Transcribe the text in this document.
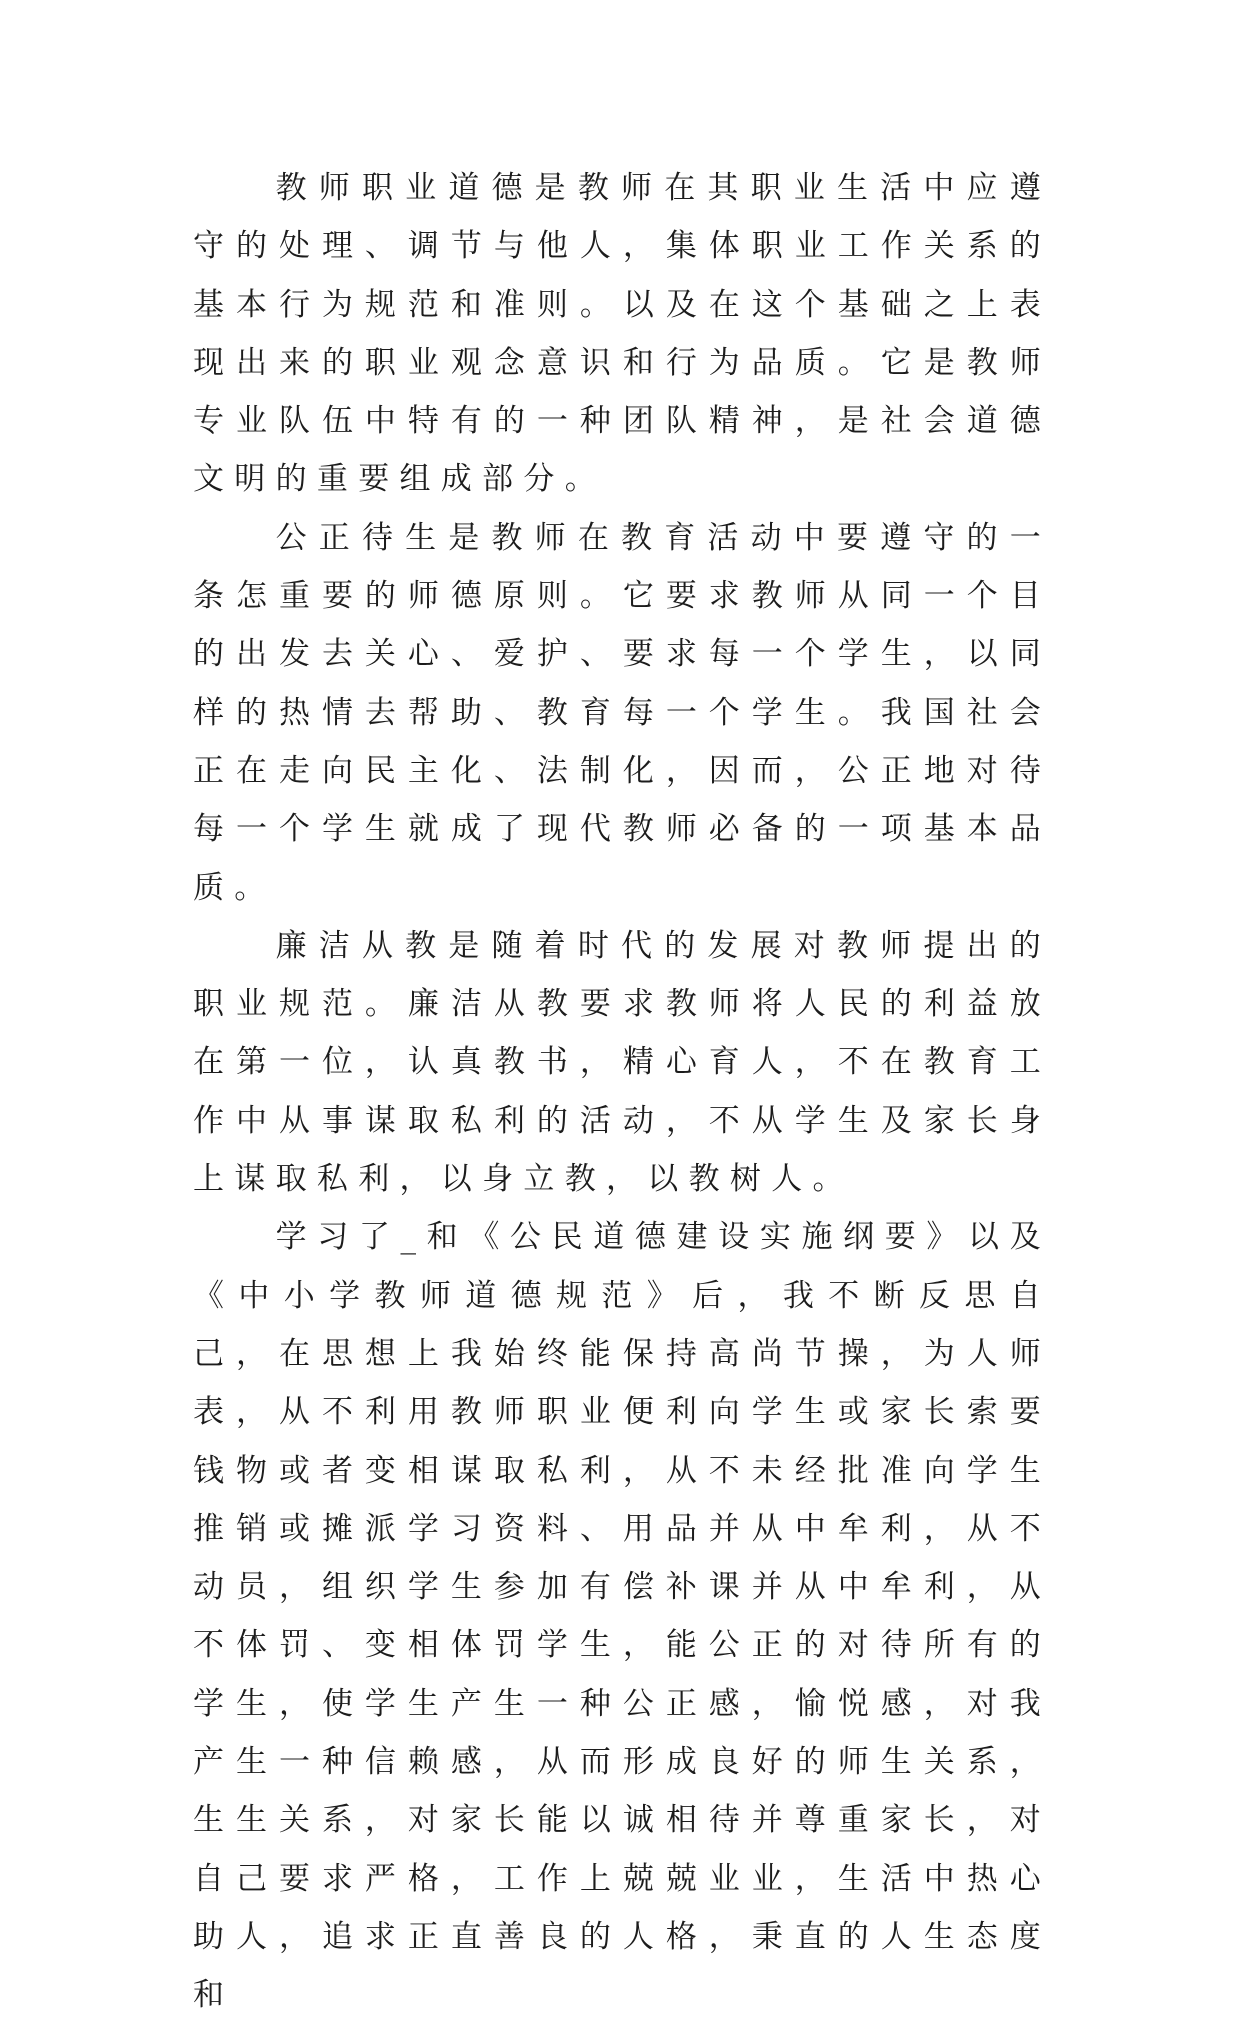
教师职业道德是教师在其职业生活中应遵守的处理、调节与他人，集体职业工作关系的基本行为规范和准则。以及在这个基础之上表现出来的职业观念意识和行为品质。它是教师专业队伍中特有的一种团队精神，是社会道德文明的重要组成部分。

公正待生是教师在教育活动中要遵守的一条怎重要的师德原则。它要求教师从同一个目的出发去关心、爱护、要求每一个学生，以同样的热情去帮助、教育每一个学生。我国社会正在走向民主化、法制化，因而，公正地对待每一个学生就成了现代教师必备的一项基本品质。

廉洁从教是随着时代的发展对教师提出的职业规范。廉洁从教要求教师将人民的利益放在第一位，认真教书，精心育人，不在教育工作中从事谋取私利的活动，不从学生及家长身上谋取私利，以身立教，以教树人。

学习了_和《公民道德建设实施纲要》以及《中小学教师道德规范》后，我不断反思自己，在思想上我始终能保持高尚节操，为人师表，从不利用教师职业便利向学生或家长索要钱物或者变相谋取私利，从不未经批准向学生推销或摊派学习资料、用品并从中牟利，从不动员，组织学生参加有偿补课并从中牟利，从不体罚、变相体罚学生，能公正的对待所有的学生，使学生产生一种公正感，愉悦感，对我产生一种信赖感，从而形成良好的师生关系，生生关系，对家长能以诚相待并尊重家长，对自己要求严格，工作上兢兢业业，生活中热心助人，追求正直善良的人格，秉直的人生态度和
